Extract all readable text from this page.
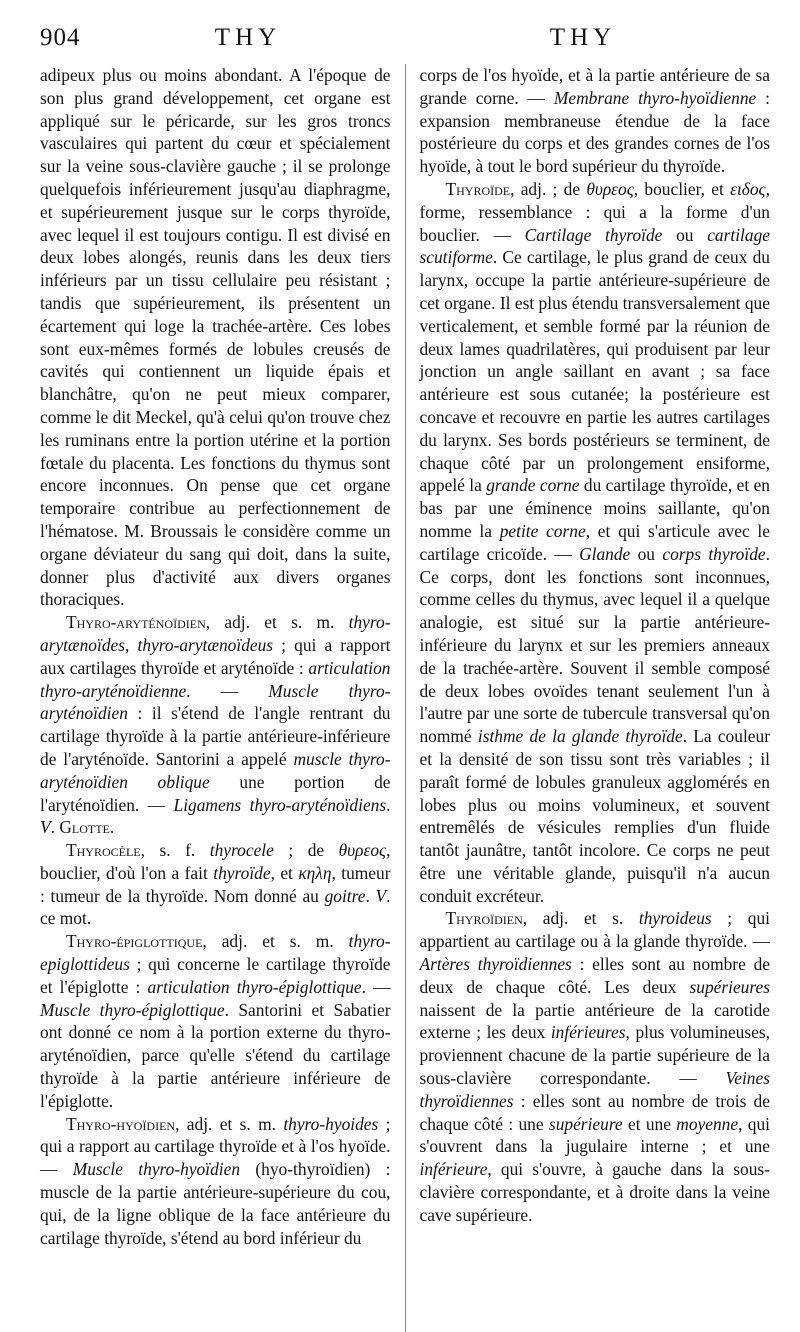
904	THY	THY

adipeux plus ou moins abondant. A l'époque de son plus grand développement, cet organe est appliqué sur le péricarde, sur les gros troncs vasculaires qui partent du cœur et spécialement sur la veine sous-clavière gauche ; il se prolonge quelquefois inférieurement jusqu'au diaphragme, et supérieurement jusque sur le corps thyroïde, avec lequel il est toujours contigu. Il est divisé en deux lobes alongés, reunis dans les deux tiers inférieurs par un tissu cellulaire peu résistant ; tandis que supérieurement, ils présentent un écartement qui loge la trachée-artère. Ces lobes sont eux-mêmes formés de lobules creusés de cavités qui contiennent un liquide épais et blanchâtre, qu'on ne peut mieux comparer, comme le dit Meckel, qu'à celui qu'on trouve chez les ruminans entre la portion utérine et la portion fœtale du placenta. Les fonctions du thymus sont encore inconnues. On pense que cet organe temporaire contribue au perfectionnement de l'hématose. M. Broussais le considère comme un organe déviateur du sang qui doit, dans la suite, donner plus d'activité aux divers organes thoraciques.

Thyro-aryténoïdien, adj. et s. m. thyro-arytænoïdes, thyro-arytænoïdeus ; qui a rapport aux cartilages thyroïde et aryténoïde : articulation thyro-aryténoïdienne. — Muscle thyro-aryténoïdien : il s'étend de l'angle rentrant du cartilage thyroïde à la partie antérieure-inférieure de l'aryténoïde. Santorini a appelé muscle thyro-aryténoïdien oblique une portion de l'aryténoïdien. — Ligamens thyro-aryténoïdiens. V. Glotte.

Thyrocèle, s. f. thyrocele ; de θυρεος, bouclier, d'où l'on a fait thyroïde, et κηλη, tumeur : tumeur de la thyroïde. Nom donné au goitre. V. ce mot.

Thyro-épiglottique, adj. et s. m. thyro-epiglottideus ; qui concerne le cartilage thyroïde et l'épiglotte : articulation thyro-épiglottique. — Muscle thyro-épiglottique. Santorini et Sabatier ont donné ce nom à la portion externe du thyro-aryténoïdien, parce qu'elle s'étend du cartilage thyroïde à la partie antérieure inférieure de l'épiglotte.

Thyro-hyoïdien, adj. et s. m. thyro-hyoides ; qui a rapport au cartilage thyroïde et à l'os hyoïde. — Muscle thyro-hyoïdien (hyo-thyroïdien) : muscle de la partie antérieure-supérieure du cou, qui, de la ligne oblique de la face antérieure du cartilage thyroïde, s'étend au bord inférieur du

corps de l'os hyoïde, et à la partie antérieure de sa grande corne. — Membrane thyro-hyoïdienne : expansion membraneuse étendue de la face postérieure du corps et des grandes cornes de l'os hyoïde, à tout le bord supérieur du thyroïde.

Thyroïde, adj. ; de θυρεος, bouclier, et ειδος, forme, ressemblance : qui a la forme d'un bouclier. — Cartilage thyroïde ou cartilage scutiforme. Ce cartilage, le plus grand de ceux du larynx, occupe la partie antérieure-supérieure de cet organe. Il est plus étendu transversalement que verticalement, et semble formé par la réunion de deux lames quadrilatères, qui produisent par leur jonction un angle saillant en avant ; sa face antérieure est sous cutanée; la postérieure est concave et recouvre en partie les autres cartilages du larynx. Ses bords postérieurs se terminent, de chaque côté par un prolongement ensiforme, appelé la grande corne du cartilage thyroïde, et en bas par une éminence moins saillante, qu'on nomme la petite corne, et qui s'articule avec le cartilage cricoïde. — Glande ou corps thyroïde. Ce corps, dont les fonctions sont inconnues, comme celles du thymus, avec lequel il a quelque analogie, est situé sur la partie antérieure-inférieure du larynx et sur les premiers anneaux de la trachée-artère. Souvent il semble composé de deux lobes ovoïdes tenant seulement l'un à l'autre par une sorte de tubercule transversal qu'on nommé isthme de la glande thyroïde. La couleur et la densité de son tissu sont très variables ; il paraît formé de lobules granuleux agglomérés en lobes plus ou moins volumineux, et souvent entremêlés de vésicules remplies d'un fluide tantôt jaunâtre, tantôt incolore. Ce corps ne peut être une véritable glande, puisqu'il n'a aucun conduit excréteur.

Thyroïdien, adj. et s. thyroideus ; qui appartient au cartilage ou à la glande thyroïde. — Artères thyroïdiennes : elles sont au nombre de deux de chaque côté. Les deux supérieures naissent de la partie antérieure de la carotide externe ; les deux inférieures, plus volumineuses, proviennent chacune de la partie supérieure de la sous-clavière correspondante. — Veines thyroïdiennes : elles sont au nombre de trois de chaque côté : une supérieure et une moyenne, qui s'ouvrent dans la jugulaire interne ; et une inférieure, qui s'ouvre, à gauche dans la sous-clavière correspondante, et à droite dans la veine cave supérieure.
